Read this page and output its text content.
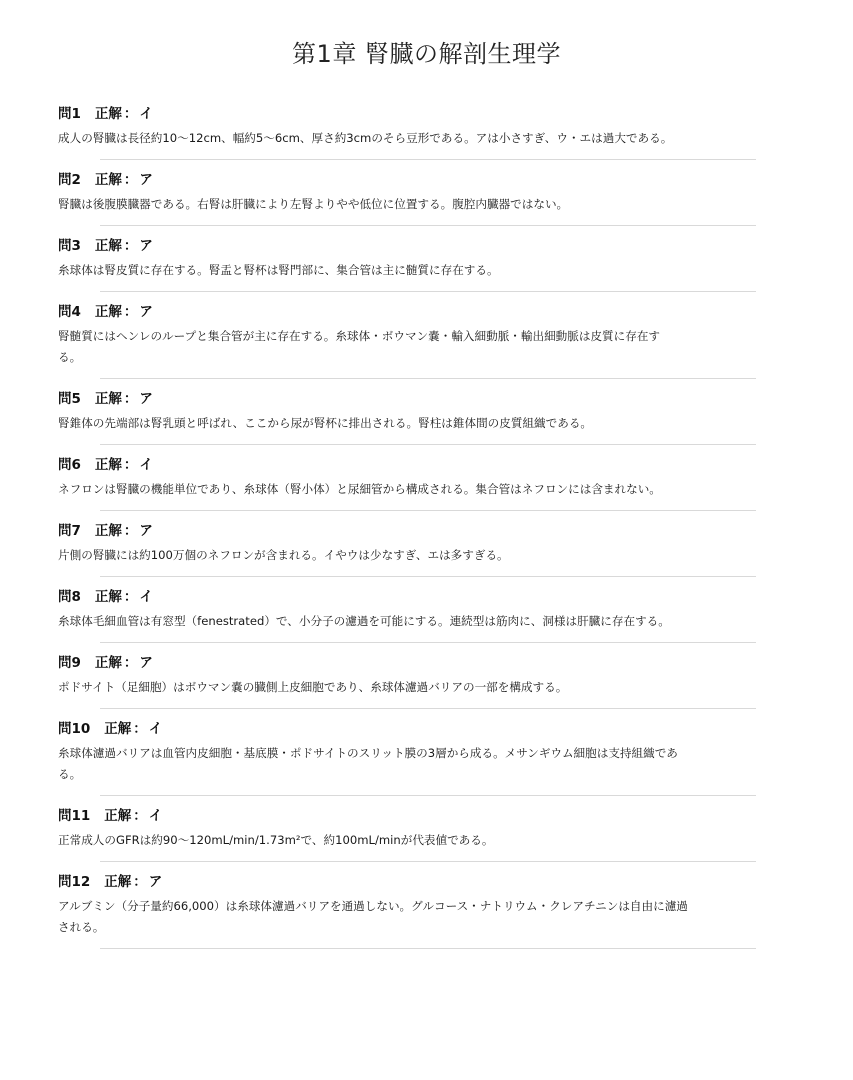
第1章 腎臓の解剖生理学
問1 正解 ： イ
成人の腎臓は長径約10〜12cm、幅約5〜6cm、厚さ約3cmのそら豆形である。アは小さすぎ、ウ・エは過大である。
問2 正解 ： ア
腎臓は後腹膜臓器である。右腎は肝臓により左腎よりやや低位に位置する。腹腔内臓器ではない。
問3 正解 ： ア
糸球体は腎皮質に存在する。腎盂と腎杯は腎門部に、集合管は主に髄質に存在する。
問4 正解 ： ア
腎髄質にはヘンレのループと集合管が主に存在する。糸球体・ボウマン嚢・輸入細動脈・輸出細動脈は皮質に存在す
る。
問5 正解 ： ア
腎錐体の先端部は腎乳頭と呼ばれ、ここから尿が腎杯に排出される。腎柱は錐体間の皮質組織である。
問6 正解 ： イ
ネフロンは腎臓の機能単位であり、糸球体（腎小体）と尿細管から構成される。集合管はネフロンには含まれない。
問7 正解 ： ア
片側の腎臓には約100万個のネフロンが含まれる。イやウは少なすぎ、エは多すぎる。
問8 正解 ： イ
糸球体毛細血管は有窓型（fenestrated）で、小分子の濾過を可能にする。連続型は筋肉に、洞様は肝臓に存在する。
問9 正解 ： ア
ポドサイト（足細胞）はボウマン嚢の臓側上皮細胞であり、糸球体濾過バリアの一部を構成する。
問10 正解 ： イ
糸球体濾過バリアは血管内皮細胞・基底膜・ポドサイトのスリット膜の3層から成る。メサンギウム細胞は支持組織であ
る。
問11 正解 ： イ
正常成人のGFRは約90〜120mL/min/1.73m²で、約100mL/minが代表値である。
問12 正解 ： ア
アルブミン（分子量約66,000）は糸球体濾過バリアを通過しない。グルコース・ナトリウム・クレアチニンは自由に濾過
される。
